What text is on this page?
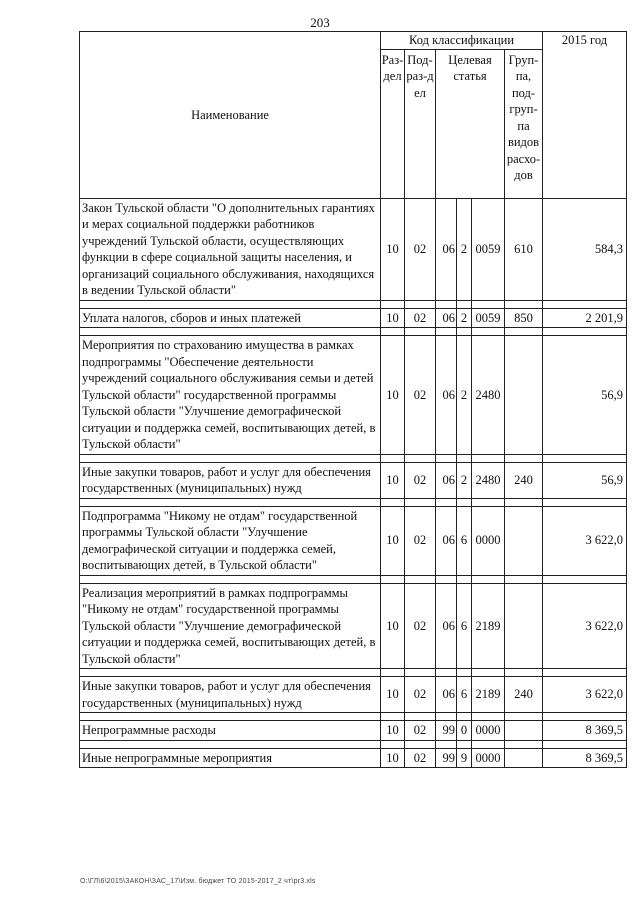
203
Наименование	Код классификации						2015 год
	Раз-дел	Под-раз-дел	Целевая статья			Груп-па, под-груп-па видов расхо-дов	
Закон Тульской области "О дополнительных гарантиях и мерах социальной поддержки работников учреждений Тульской области, осуществляющих функции в сфере социальной защиты населения, и организаций социального обслуживания, находящихся в ведении Тульской области"	10	02	06	2	0059	610	584,3

Уплата налогов, сборов и иных платежей	10	02	06	2	0059	850	2 201,9

Мероприятия по страхованию имущества в рамках подпрограммы "Обеспечение деятельности учреждений социального обслуживания семьи и детей Тульской области" государственной программы Тульской области "Улучшение демографической ситуации и поддержка семей, воспитывающих детей, в Тульской области"	10	02	06	2	2480		56,9

Иные закупки товаров, работ и услуг для обеспечения государственных (муниципальных) нужд	10	02	06	2	2480	240	56,9

Подпрограмма "Никому не отдам" государственной программы Тульской области "Улучшение демографической ситуации и поддержка семей, воспитывающих детей, в Тульской области"	10	02	06	6	0000		3 622,0

Реализация мероприятий в рамках подпрограммы "Никому не отдам" государственной программы Тульской области "Улучшение демографической ситуации и поддержка семей, воспитывающих детей, в Тульской области"	10	02	06	6	2189		3 622,0

Иные закупки товаров, работ и услуг для обеспечения государственных (муниципальных) нужд	10	02	06	6	2189	240	3 622,0

Непрограммные расходы	10	02	99	0	0000		8 369,5

Иные непрограммные мероприятия	10	02	99	9	0000		8 369,5
O:\ГЛ\6\2015\ЗАКОН\ЗАС_17\Изм. бюджет ТО 2015-2017_2 чт\pr3.xls
